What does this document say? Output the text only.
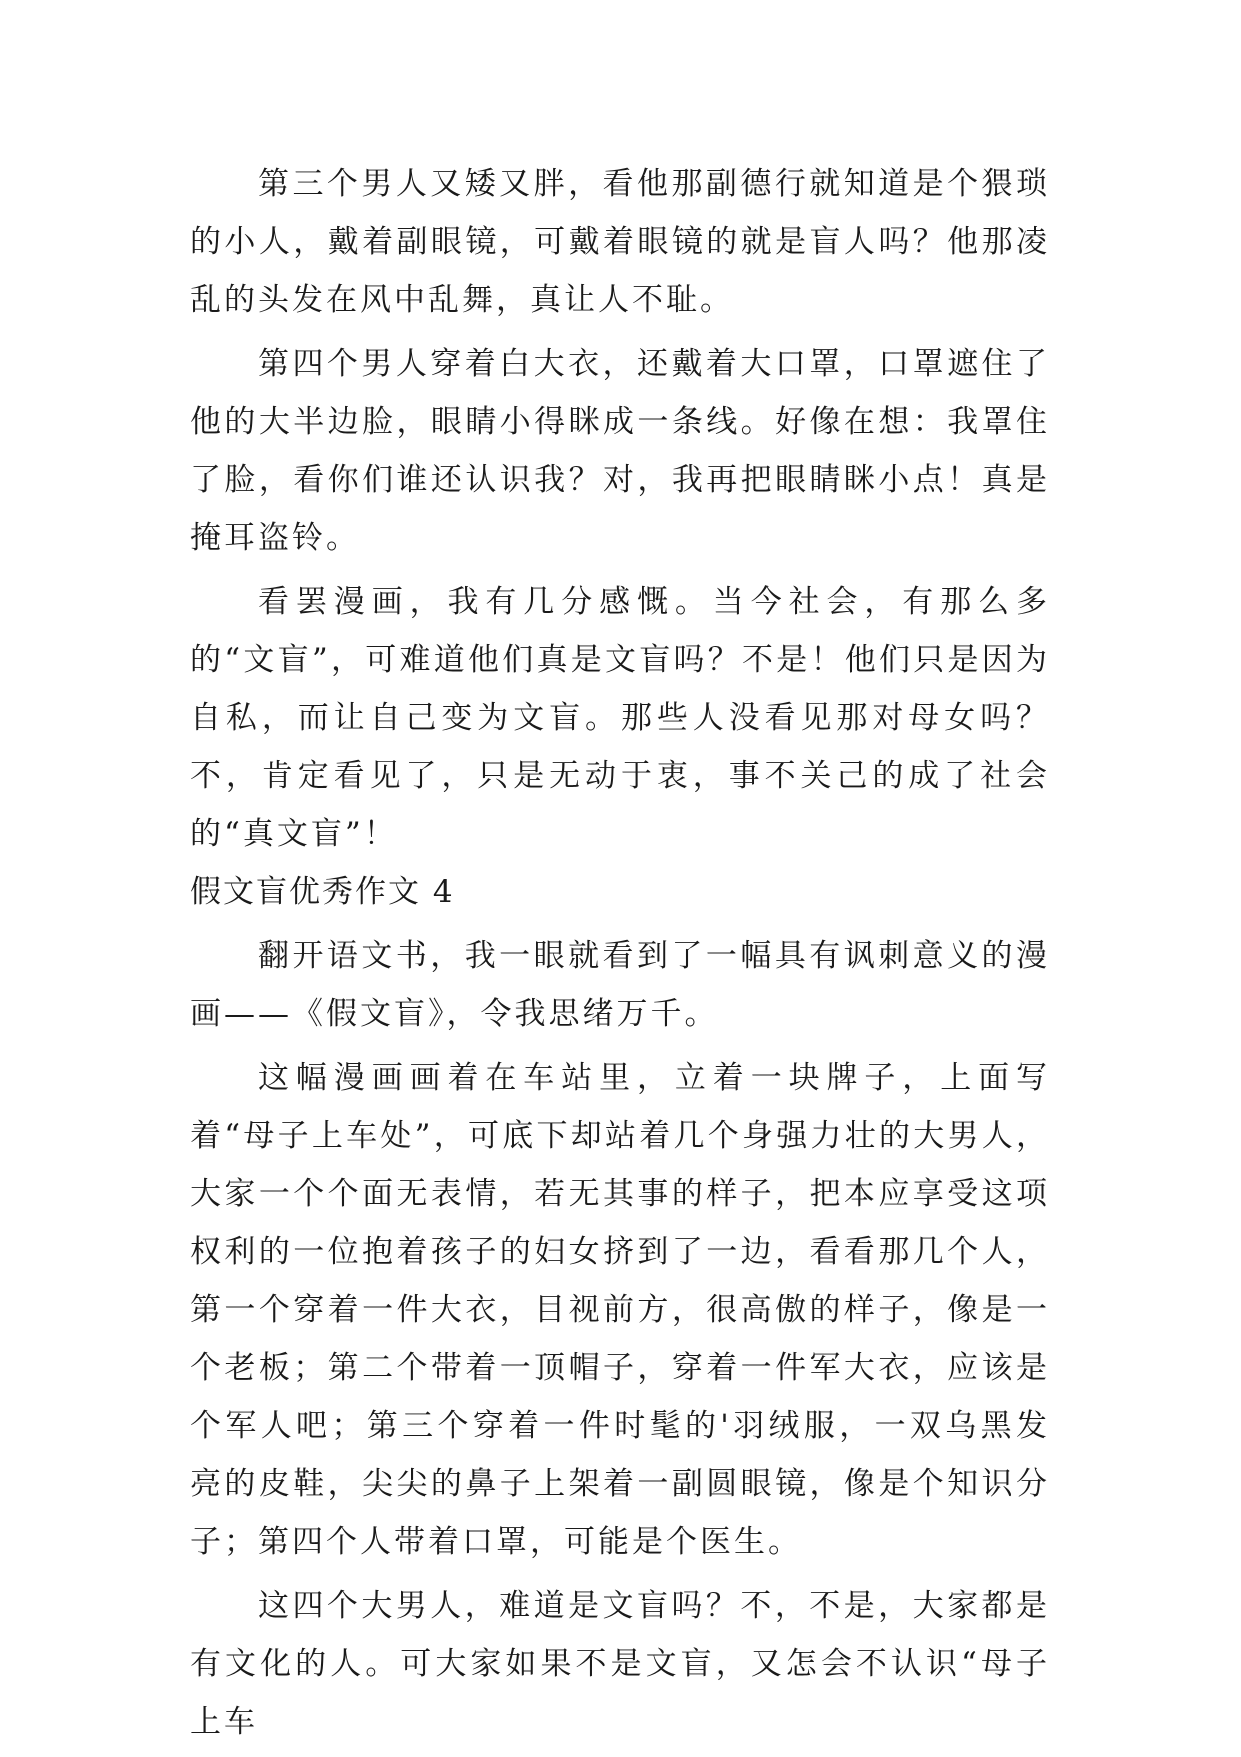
第三个男人又矮又胖，看他那副德行就知道是个猥琐的小人，戴着副眼镜，可戴着眼镜的就是盲人吗？他那凌乱的头发在风中乱舞，真让人不耻。

第四个男人穿着白大衣，还戴着大口罩，口罩遮住了他的大半边脸，眼睛小得眯成一条线。好像在想：我罩住了脸，看你们谁还认识我？对，我再把眼睛眯小点！真是掩耳盗铃。

看罢漫画，我有几分感慨。当今社会，有那么多的“文盲”，可难道他们真是文盲吗？不是！他们只是因为自私，而让自己变为文盲。那些人没看见那对母女吗？不，肯定看见了，只是无动于衷，事不关己的成了社会的“真文盲”！

假文盲优秀作文 4

翻开语文书，我一眼就看到了一幅具有讽刺意义的漫画——《假文盲》，令我思绪万千。

这幅漫画画着在车站里，立着一块牌子，上面写着“母子上车处”，可底下却站着几个身强力壮的大男人，大家一个个面无表情，若无其事的样子，把本应享受这项权利的一位抱着孩子的妇女挤到了一边，看看那几个人，第一个穿着一件大衣，目视前方，很高傲的样子，像是一个老板；第二个带着一顶帽子，穿着一件军大衣，应该是个军人吧；第三个穿着一件时髦的'羽绒服，一双乌黑发亮的皮鞋，尖尖的鼻子上架着一副圆眼镜，像是个知识分子；第四个人带着口罩，可能是个医生。

这四个大男人，难道是文盲吗？不，不是，大家都是有文化的人。可大家如果不是文盲，又怎会不认识“母子上车
